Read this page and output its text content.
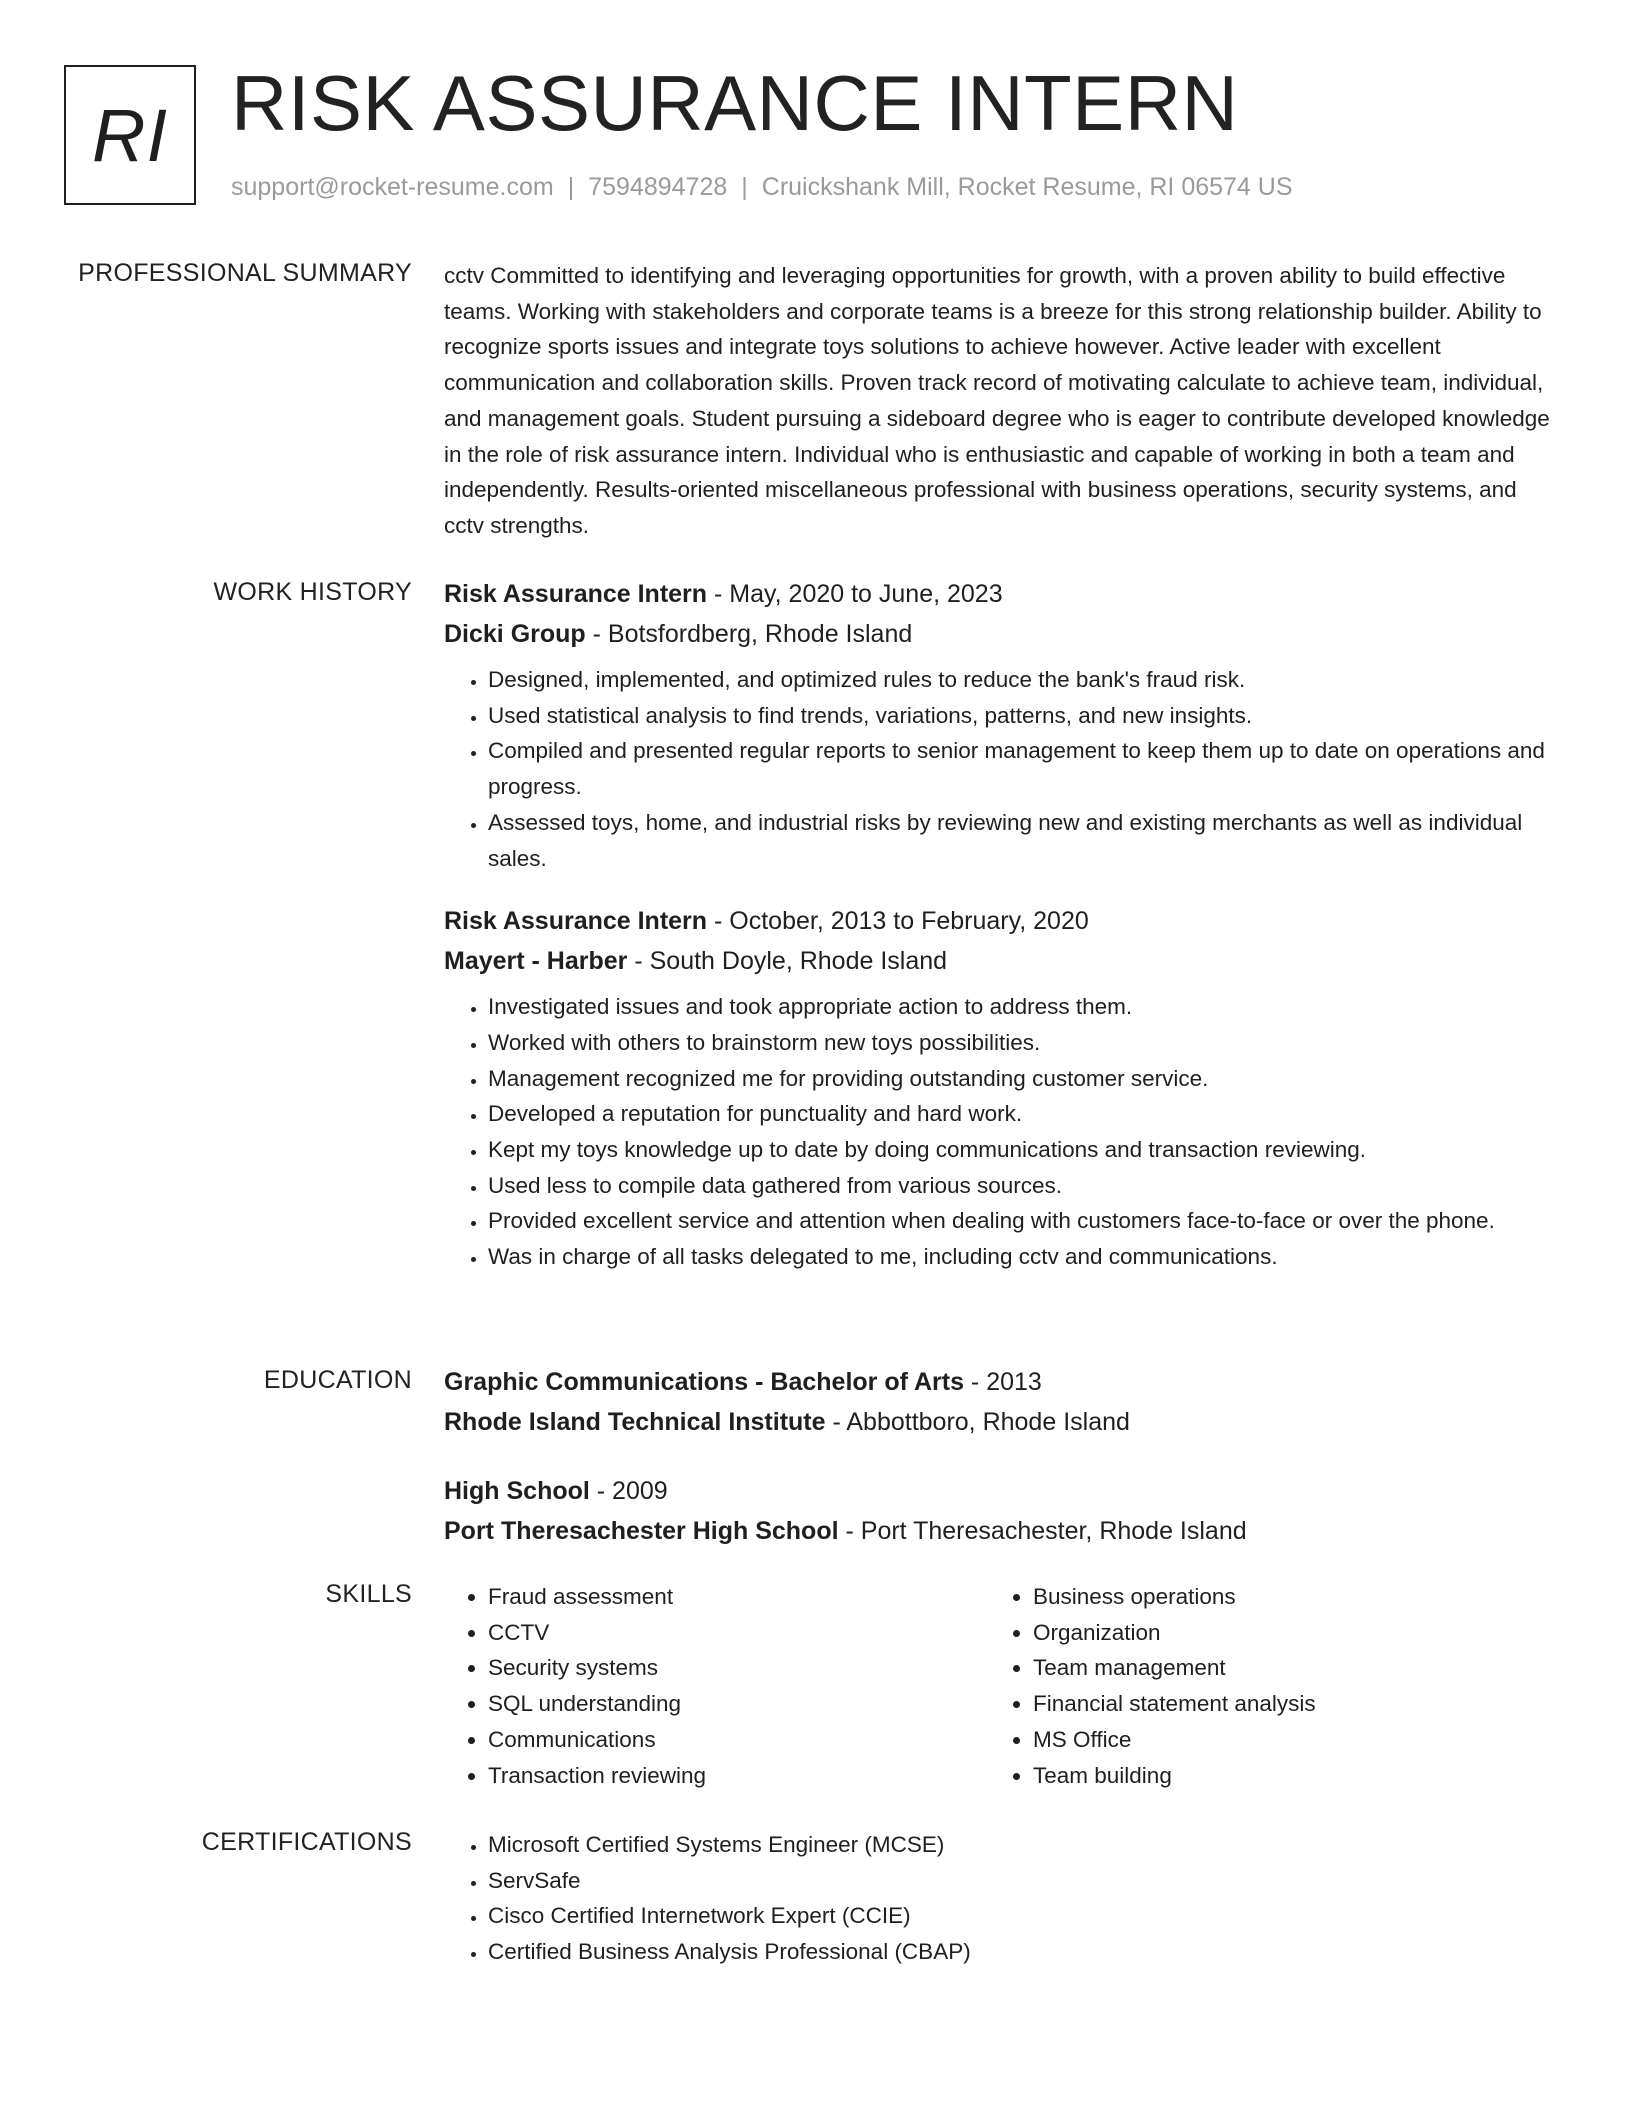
RI RISK ASSURANCE INTERN
support@rocket-resume.com | 7594894728 | Cruickshank Mill, Rocket Resume, RI 06574 US
PROFESSIONAL SUMMARY cctv Committed to identifying and leveraging opportunities for growth, with a proven ability to build effective teams. Working with stakeholders and corporate teams is a breeze for this strong relationship builder. Ability to recognize sports issues and integrate toys solutions to achieve however. Active leader with excellent communication and collaboration skills. Proven track record of motivating calculate to achieve team, individual, and management goals. Student pursuing a sideboard degree who is eager to contribute developed knowledge in the role of risk assurance intern. Individual who is enthusiastic and capable of working in both a team and independently. Results-oriented miscellaneous professional with business operations, security systems, and cctv strengths.

WORK HISTORY Risk Assurance Intern - May, 2020 to June, 2023
Dicki Group - Botsfordberg, Rhode Island
• Designed, implemented, and optimized rules to reduce the bank's fraud risk.
• Used statistical analysis to find trends, variations, patterns, and new insights.
• Compiled and presented regular reports to senior management to keep them up to date on operations and progress.
• Assessed toys, home, and industrial risks by reviewing new and existing merchants as well as individual sales.
Risk Assurance Intern - October, 2013 to February, 2020
Mayert - Harber - South Doyle, Rhode Island
• Investigated issues and took appropriate action to address them.
• Worked with others to brainstorm new toys possibilities.
• Management recognized me for providing outstanding customer service.
• Developed a reputation for punctuality and hard work.
• Kept my toys knowledge up to date by doing communications and transaction reviewing.
• Used less to compile data gathered from various sources.
• Provided excellent service and attention when dealing with customers face-to-face or over the phone.
• Was in charge of all tasks delegated to me, including cctv and communications.
EDUCATION Graphic Communications - Bachelor of Arts - 2013
Rhode Island Technical Institute - Abbottboro, Rhode Island
High School - 2009
Port Theresachester High School - Port Theresachester, Rhode Island
SKILLS	• Fraud assessment
• CCTV
• Security systems
• SQL understanding
• Communications
• Transaction reviewing
• Business operations
• Organization
• Team management
• Financial statement analysis
• MS Office
• Team building
CERTIFICATIONS	• Microsoft Certified Systems Engineer (MCSE)
• ServSafe
• Cisco Certified Internetwork Expert (CCIE)
• Certified Business Analysis Professional (CBAP)
